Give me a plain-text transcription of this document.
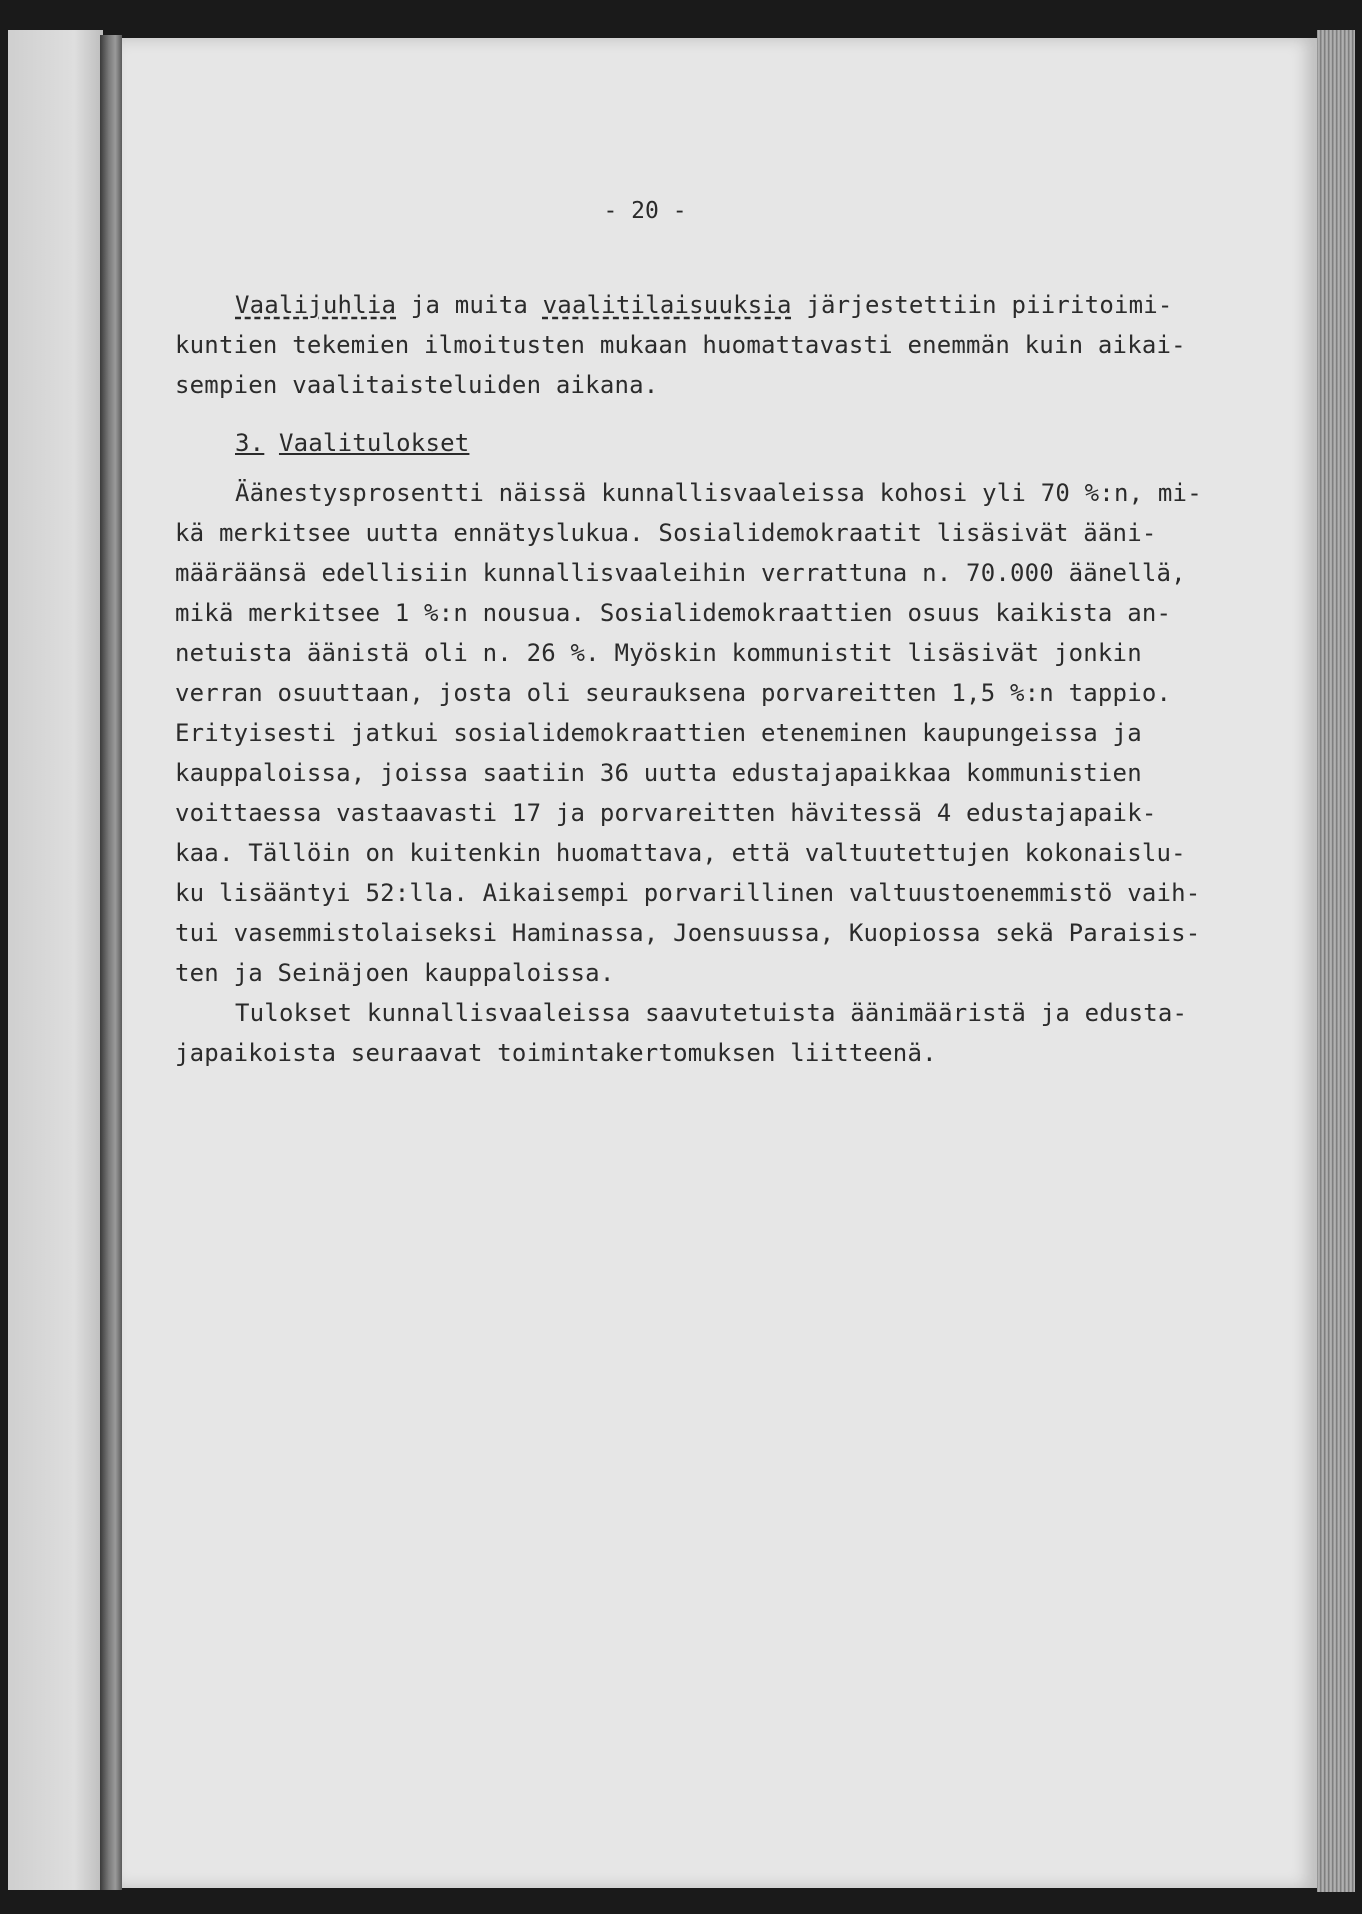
- 20 -
Vaalijuhlia ja muita vaalitilaisuuksia järjestettiin piiritoimi-
kuntien tekemien ilmoitusten mukaan huomattavasti enemmän kuin aikai-
sempien vaalitaisteluiden aikana.
3. Vaalitulokset
Äänestysprosentti näissä kunnallisvaaleissa kohosi yli 70 %:n, mi-
kä merkitsee uutta ennätyslukua. Sosialidemokraatit lisäsivät ääni-
määräänsä edellisiin kunnallisvaaleihin verrattuna n. 70.000 äänellä,
mikä merkitsee 1 %:n nousua. Sosialidemokraattien osuus kaikista an-
netuista äänistä oli n. 26 %. Myöskin kommunistit lisäsivät jonkin
verran osuuttaan, josta oli seurauksena porvareitten 1,5 %:n tappio.
Erityisesti jatkui sosialidemokraattien eteneminen kaupungeissa ja
kauppaloissa, joissa saatiin 36 uutta edustajapaikkaa kommunistien
voittaessa vastaavasti 17 ja porvareitten hävitessä 4 edustajapaik-
kaa. Tällöin on kuitenkin huomattava, että valtuutettujen kokonaislu-
ku lisääntyi 52:lla. Aikaisempi porvarillinen valtuustoenemmistö vaih-
tui vasemmistolaiseksi Haminassa, Joensuussa, Kuopiossa sekä Paraisis-
ten ja Seinäjoen kauppaloissa.
Tulokset kunnallisvaaleissa saavutetuista äänimääristä ja edusta-
japaikoista seuraavat toimintakertomuksen liitteenä.
